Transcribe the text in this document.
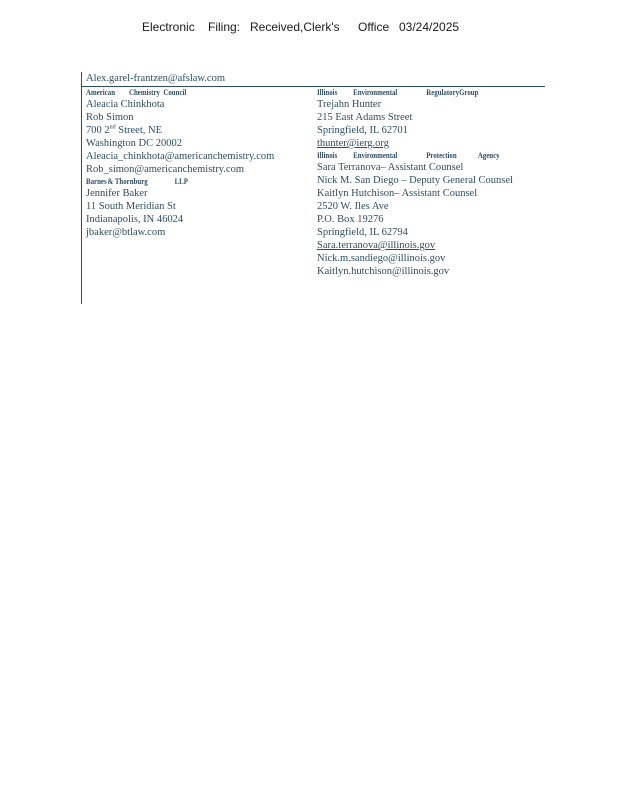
Electronic Filing: Received,Clerk's Office 03/24/2025
Alex.garel-frantzen@afslaw.com
American	Chemistry Council
Aleacia Chinkhota
Rob Simon
700 2nd Street, NE
Washington DC 20002
Aleacia_chinkhota@americanchemistry.com
Rob_simon@americanchemistry.com
Barnes & Thornburg	LLP
Jennifer Baker
11 South Meridian St
Indianapolis, IN 46024
jbaker@btlaw.com
Illinois	Environmental	RegulatoryGroup
Trejahn Hunter
215 East Adams Street
Springfield, IL 62701
thunter@ierg.org
Illinois	Environmental	Protection	Agency
Sara Terranova– Assistant Counsel
Nick M. San Diego – Deputy General Counsel
Kaitlyn Hutchison– Assistant Counsel
2520 W. Iles Ave
P.O. Box 19276
Springfield, IL 62794
Sara.terranova@illinois.gov
Nick.m.sandiego@illinois.gov
Kaitlyn.hutchison@illinois.gov
